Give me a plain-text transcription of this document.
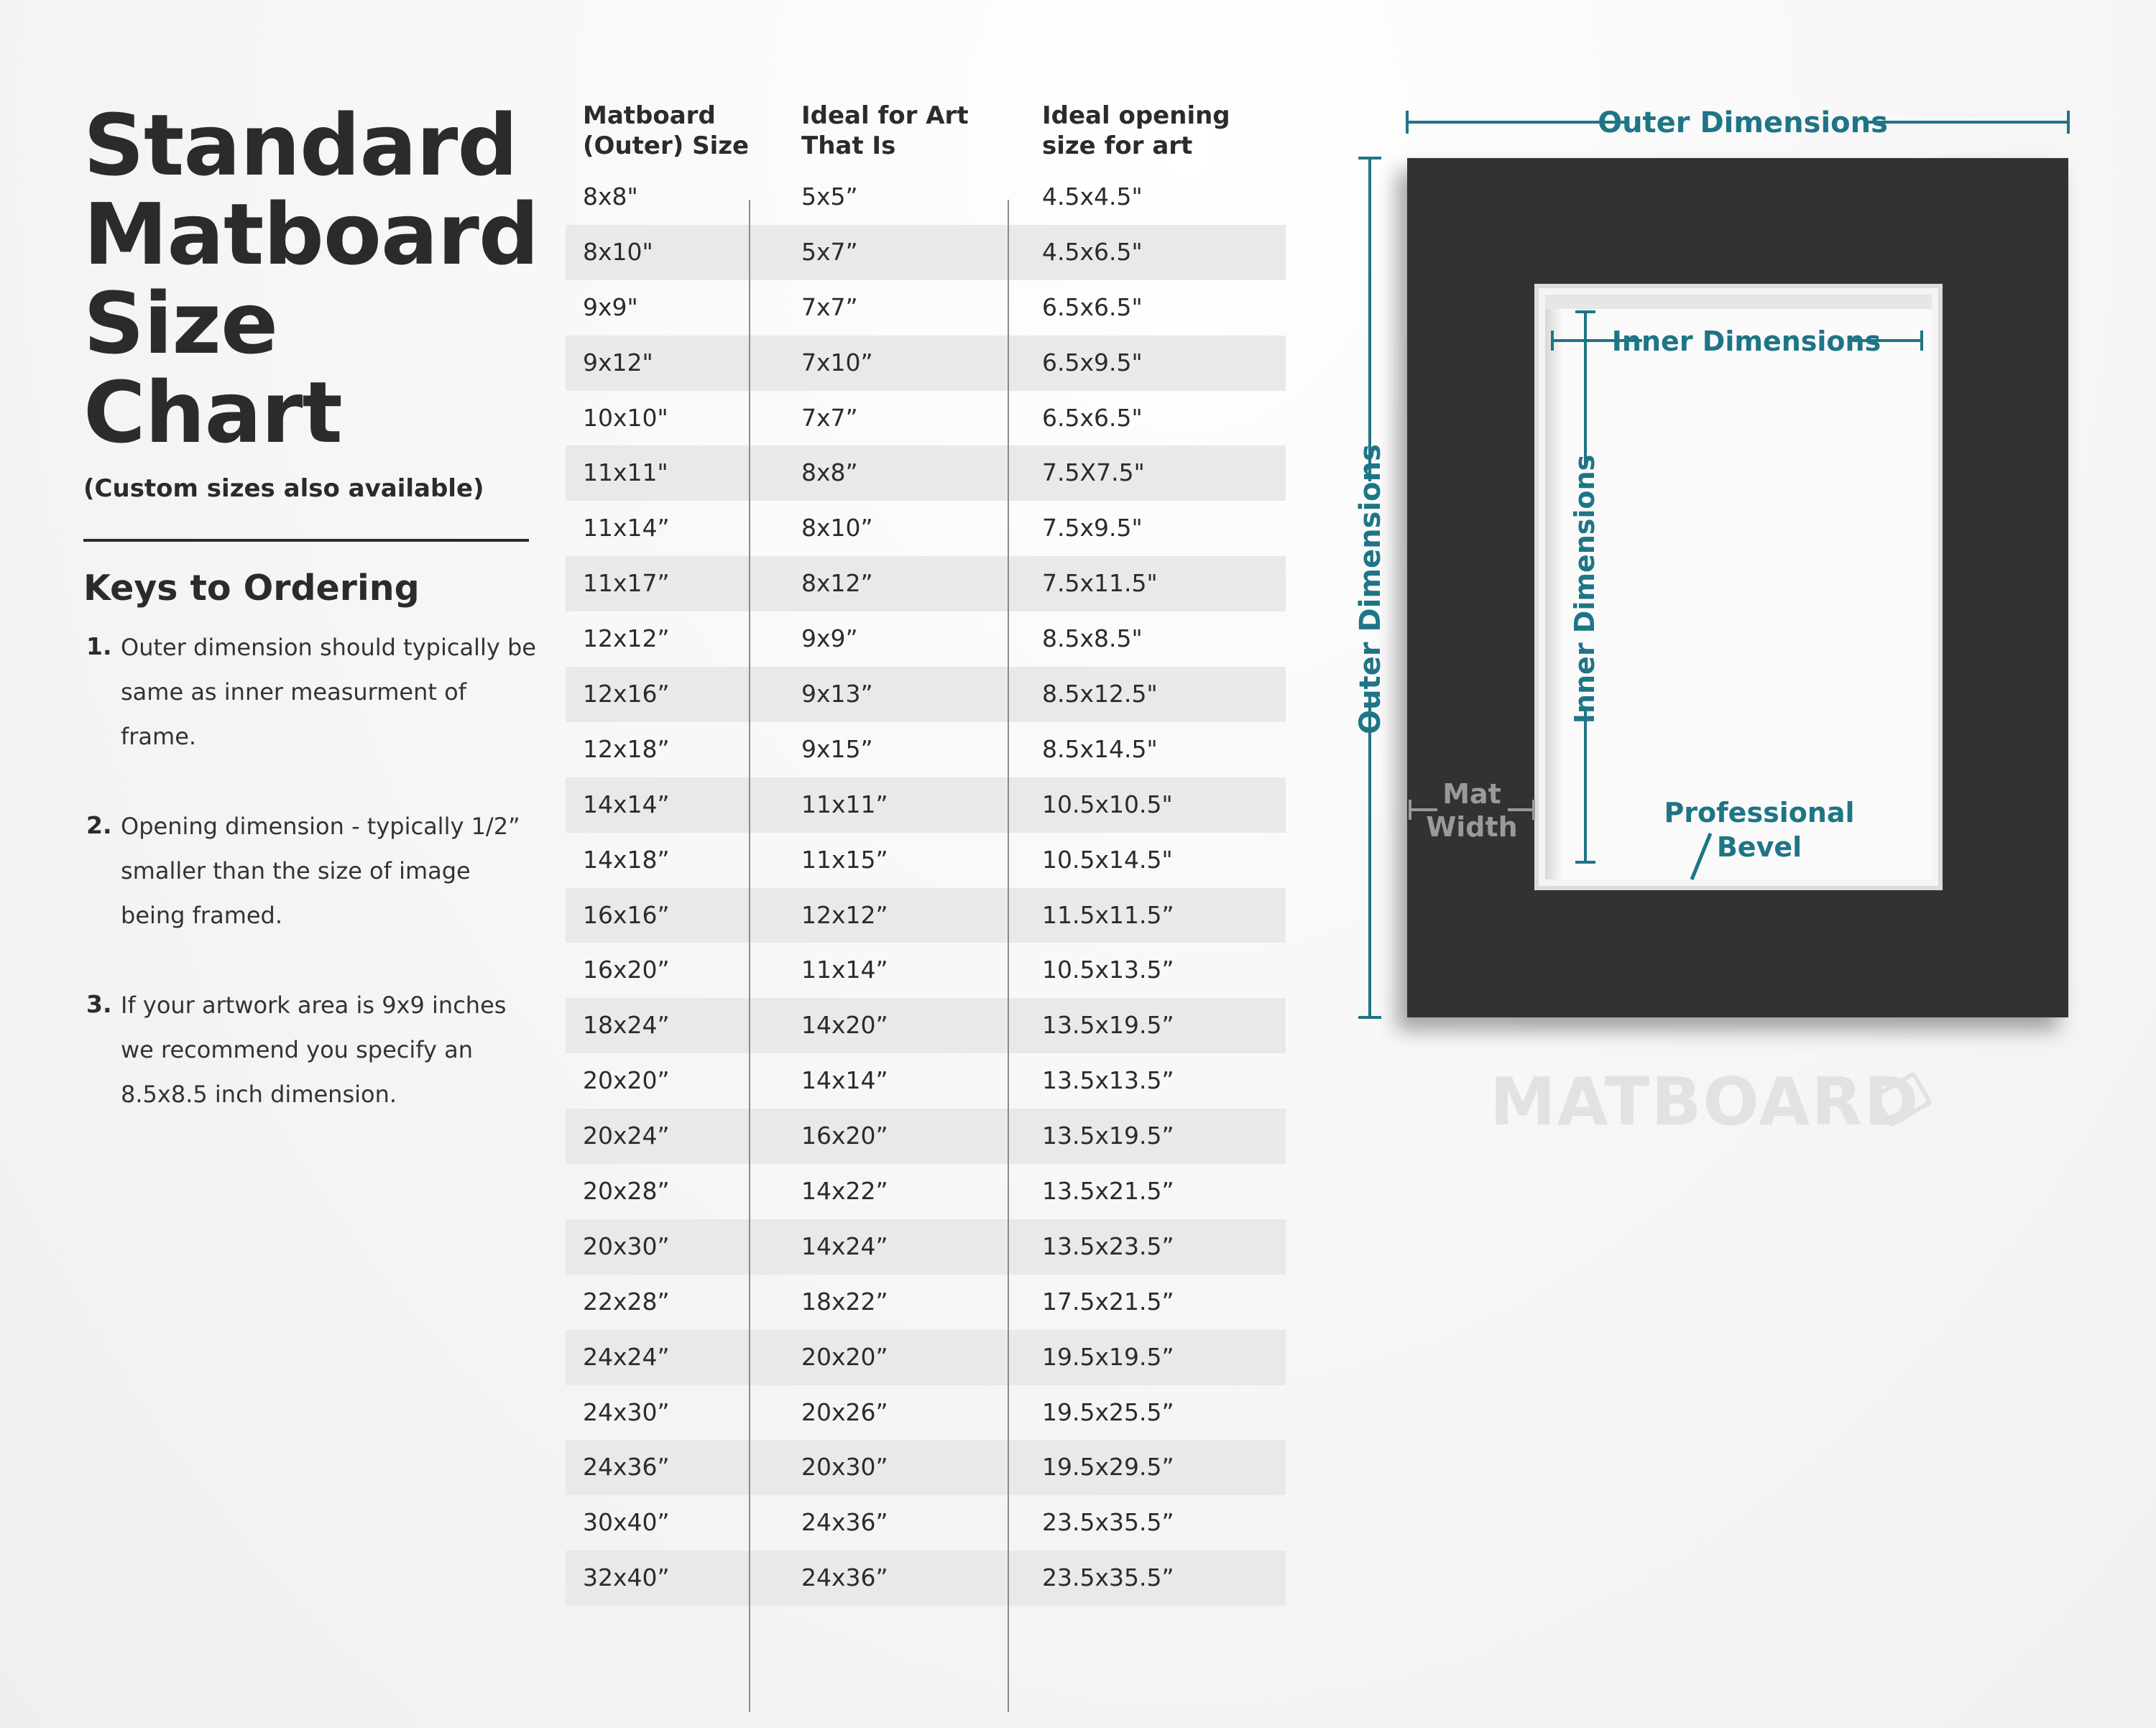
Standard
Matboard
Size
Chart
(Custom sizes also available)
Keys to Ordering
1. Outer dimension should typically be same as inner measurment of frame.
2. Opening dimension - typically 1/2” smaller than the size of image being framed.
3. If your artwork area is 9x9 inches we recommend you specify an 8.5x8.5 inch dimension.
Matboard
(Outer) Size
Ideal for Art
That Is
Ideal opening
size for art
8x8"	5x5”	4.5x4.5"
8x10"	5x7”	4.5x6.5"
9x9"	7x7”	6.5x6.5"
9x12"	7x10”	6.5x9.5"
10x10"	7x7”	6.5x6.5"
11x11"	8x8”	7.5X7.5"
11x14”	8x10”	7.5x9.5"
11x17”	8x12”	7.5x11.5"
12x12”	9x9”	8.5x8.5"
12x16”	9x13”	8.5x12.5"
12x18”	9x15”	8.5x14.5"
14x14”	11x11”	10.5x10.5"
14x18”	11x15”	10.5x14.5"
16x16”	12x12”	11.5x11.5”
16x20”	11x14”	10.5x13.5”
18x24”	14x20”	13.5x19.5”
20x20”	14x14”	13.5x13.5”
20x24”	16x20”	13.5x19.5”
20x28”	14x22”	13.5x21.5”
20x30”	14x24”	13.5x23.5”
22x28”	18x22”	17.5x21.5”
24x24”	20x20”	19.5x19.5”
24x30”	20x26”	19.5x25.5”
24x36”	20x30”	19.5x29.5”
30x40”	24x36”	23.5x35.5”
32x40”	24x36”	23.5x35.5”
Outer Dimensions
Outer Dimensions
Inner Dimensions
Inner Dimensions
Mat
Width	Professional
Bevel
MATBOARD
